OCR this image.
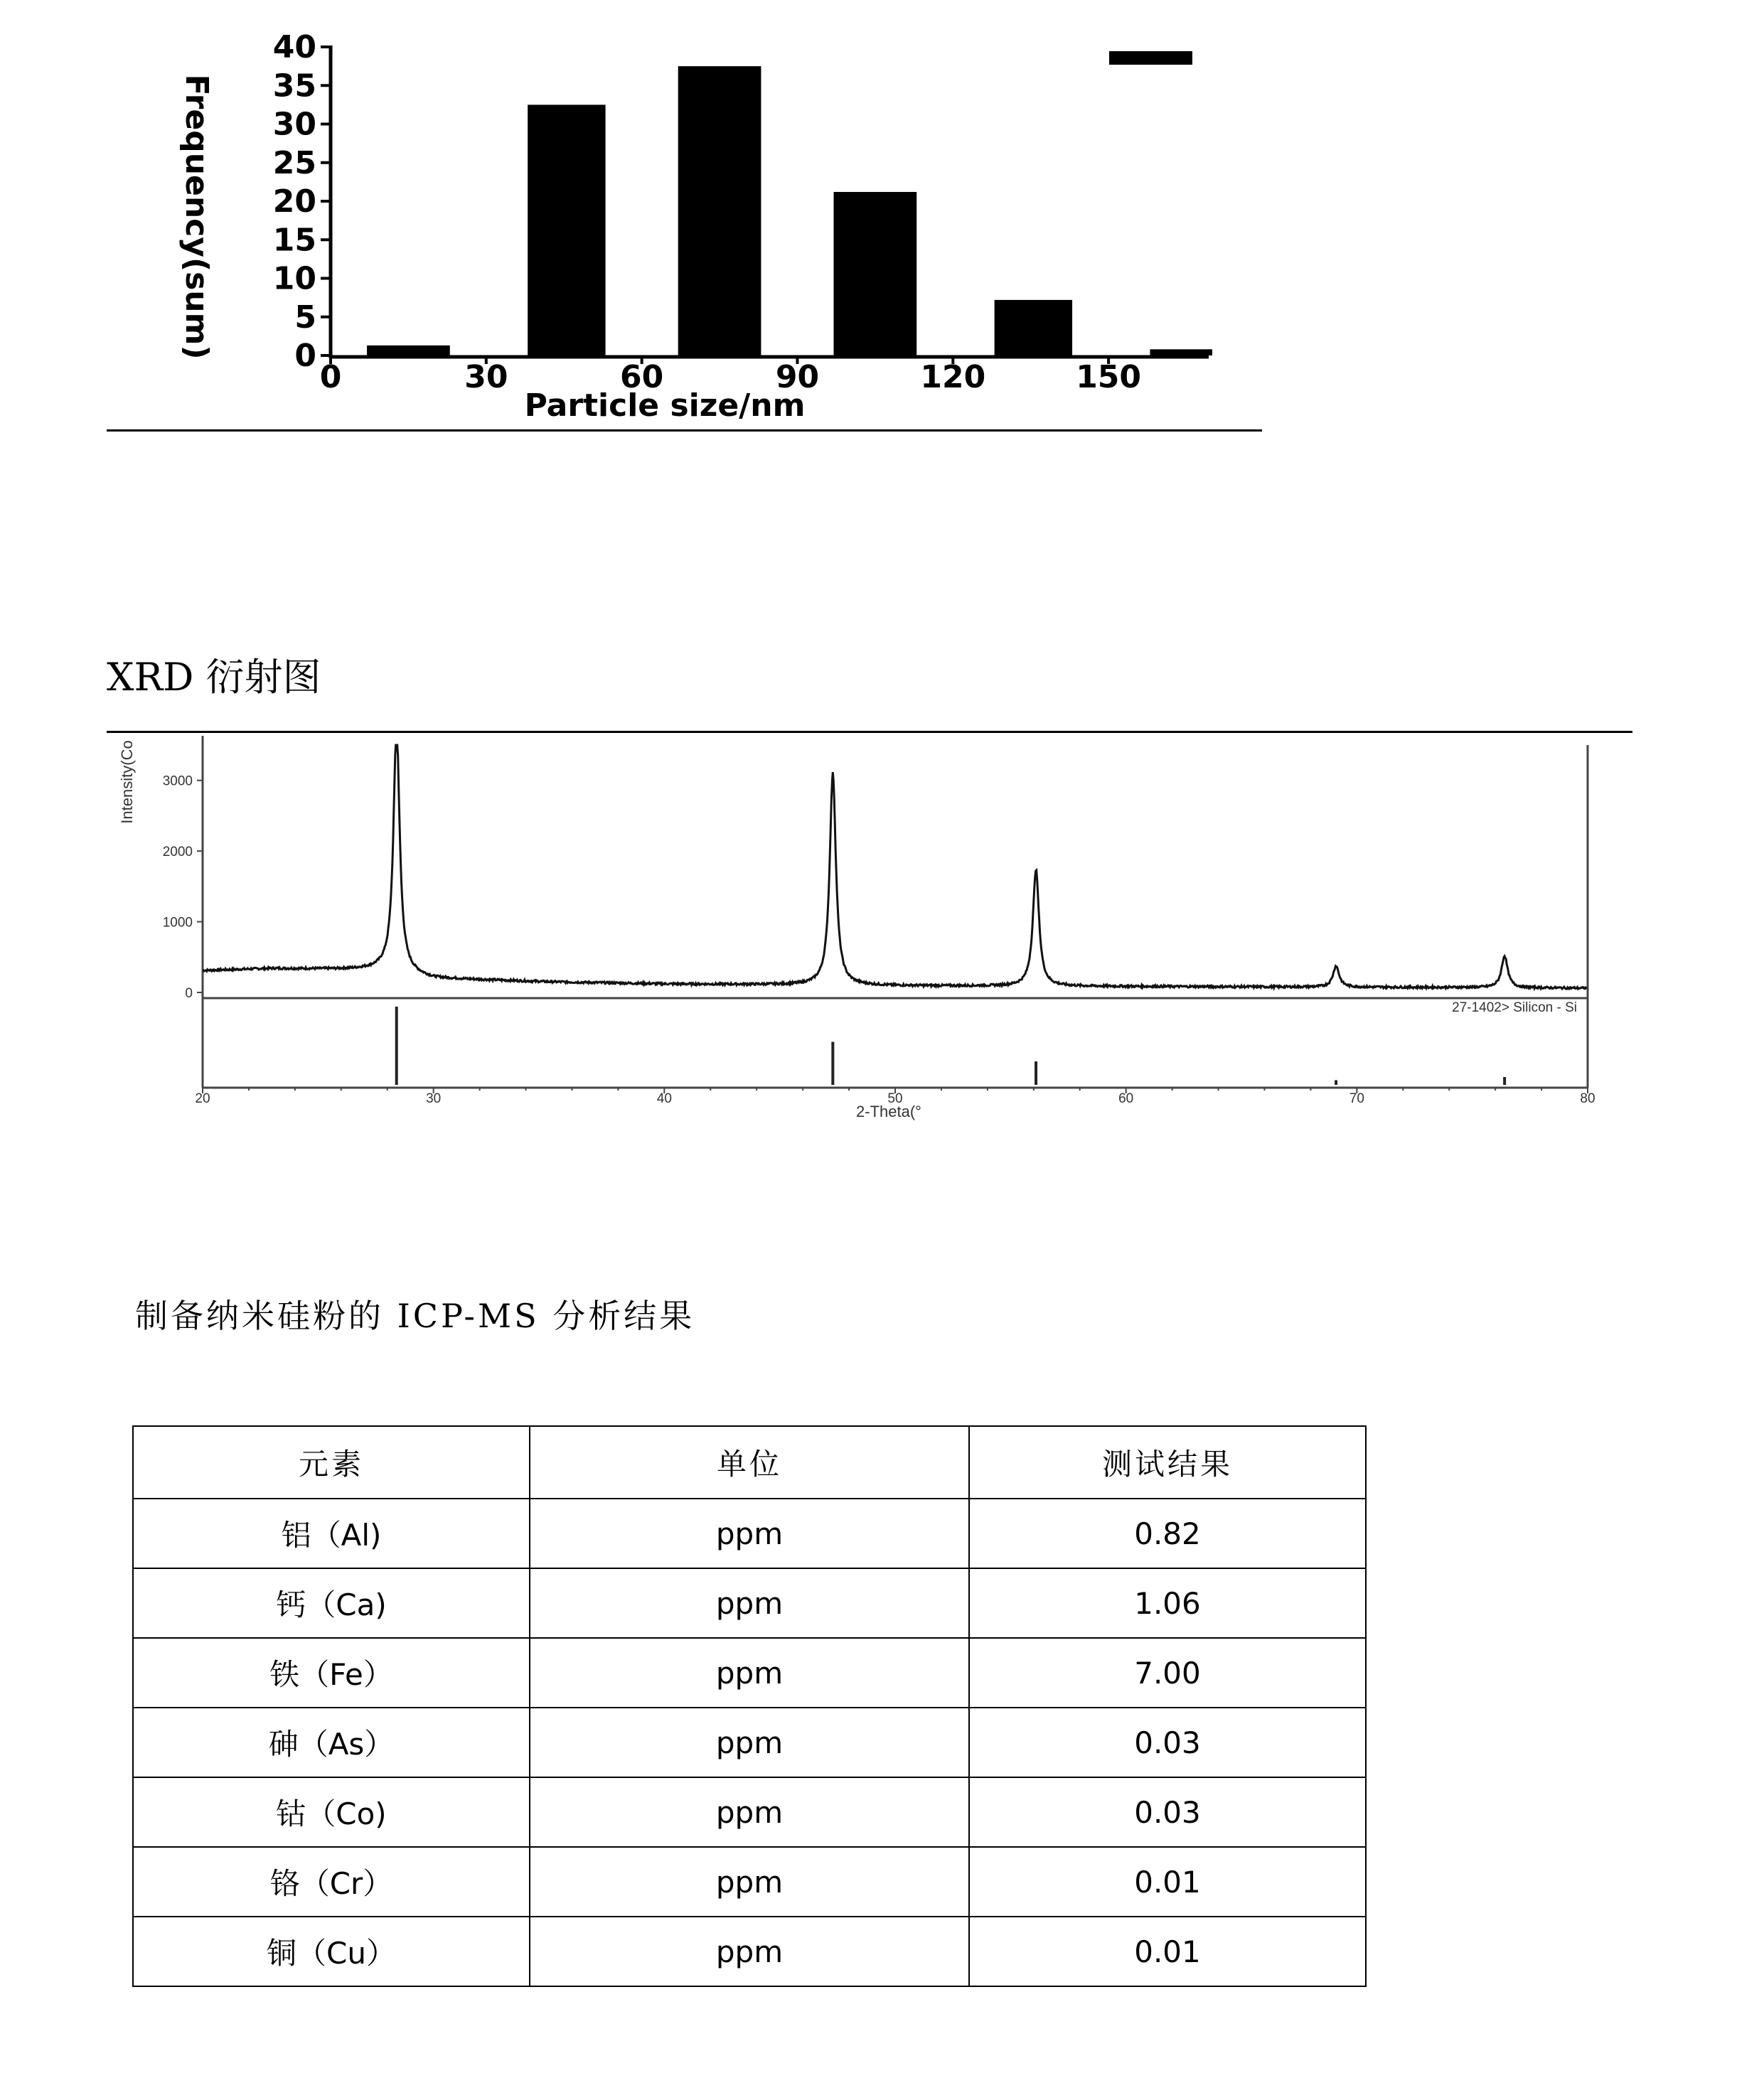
0
5
10
15
20
25
30
35
40
0	30	60	90	120	150
Particle size/nm
Frequency(sum)
XRD 衍射图
0
1000
2000
3000
20	30	40	50	60	70	80
27-1402> Silicon - Si
2-Theta(°
Intensity(Co
制备纳米硅粉的 ICP-MS 分析结果
元素	单位	测试结果
铝（Al)	ppm	0.82
钙（Ca)	ppm	1.06
铁（Fe）	ppm	7.00
砷（As）	ppm	0.03
钴（Co)	ppm	0.03
铬（Cr）	ppm	0.01
铜（Cu）	ppm	0.01
